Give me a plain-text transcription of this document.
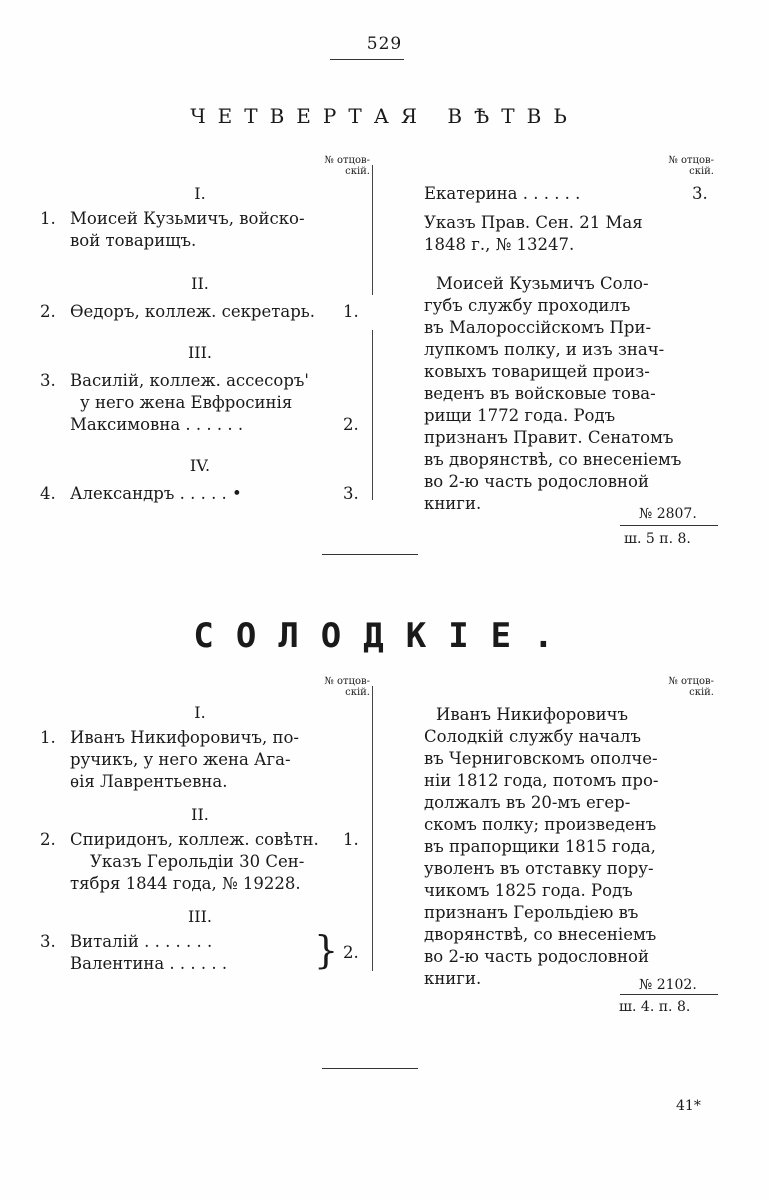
529
ЧЕТВЕРТАЯ ВѢТВЬ
№ отцов-
скій.
I.
1. Моисей Кузьмичъ, войско-
вой товарищъ.
II.
2. Ѳедоръ, коллеж. секретарь. 1.
III.
3. Василій, коллеж. ассесоръ'
у него жена Евфросинія
Максимовна . . . . . .	2.
IV.
4. Александръ . . . . . •	3.
№ отцов-
скій.
Екатерина . . . . . .	3.
Указъ Прав. Сен. 21 Мая
1848 г., № 13247.
Моисей Кузьмичъ Соло-
губъ службу проходилъ
въ Малороссійскомъ При-
лупкомъ полку, и изъ знач-
ковыхъ товарищей произ-
веденъ въ войсковые това-
рищи 1772 года. Родъ
признанъ Правит. Сенатомъ
въ дворянствѣ, со внесеніемъ
во 2-ю часть родословной
книги.
№ 2807.
ш. 5 п. 8.
СОЛОДКІЕ.
№ отцов-
скій.
I.
1. Иванъ Никифоровичъ, по-
ручикъ, у него жена Ага-
ѳія Лаврентьевна.
II.
2. Спиридонъ, коллеж. совѣтн. 1.
Указъ Герольдіи 30 Сен-
тября 1844 года, № 19228.
III.
3. Виталій . . . . . . .
Валентина . . . . . . } 2.
№ отцов-
скій.
Иванъ Никифоровичъ
Солодкій службу началъ
въ Черниговскомъ ополче-
ніи 1812 года, потомъ про-
должалъ въ 20-мъ егер-
скомъ полку; произведенъ
въ прапорщики 1815 года,
уволенъ въ отставку пору-
чикомъ 1825 года. Родъ
признанъ Герольдіею въ
дворянствѣ, со внесеніемъ
во 2-ю часть родословной
книги.	№ 2102.
ш. 4. п. 8.
41*
